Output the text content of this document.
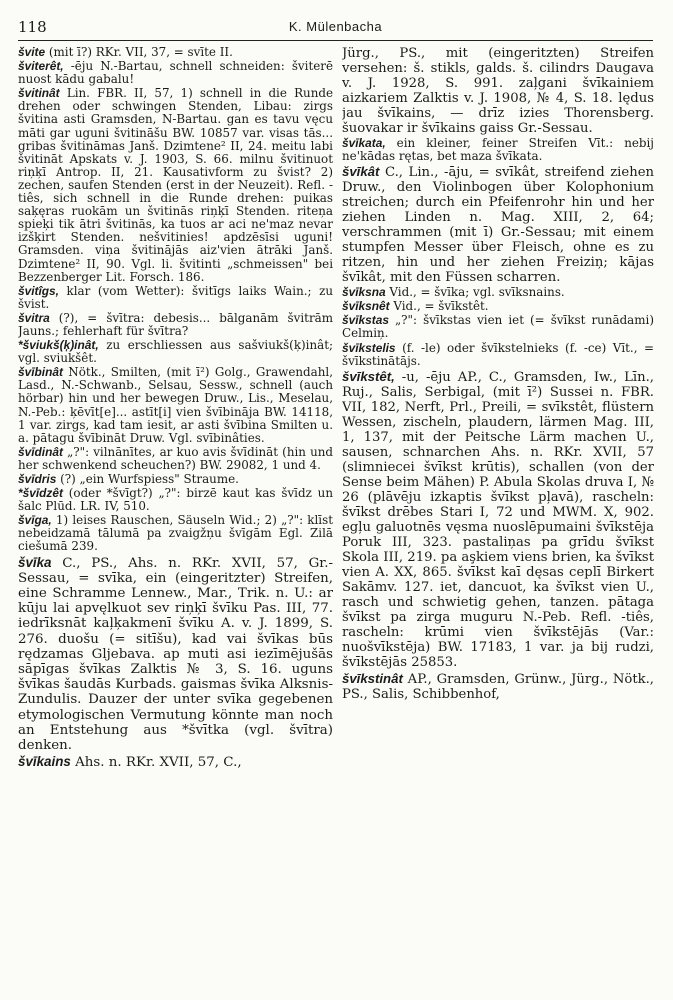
118	K. Mülenbacha

švite (mit ī?) RKr. VII, 37, = svīte II.

šviterêt, -ēju N.-Bartau, schnell schneiden: šviterē nuost kādu gabalu!

švitinât Lin. FBR. II, 57, 1) schnell in die Runde drehen oder schwingen Stenden, Libau: zirgs švitina asti Gramsden, N-Bartau. gan es tavu vęcu māti gar uguni švitināšu BW. 10857 var. visas tās... gribas švitināmas Janš. Dzimtene² II, 24. meitu labi švitināt Apskats v. J. 1903, S. 66. milnu švitinuot riņķī Antrop. II, 21. Kausativform zu švist? 2) zechen, saufen Stenden (erst in der Neuzeit). Refl. -tiês, sich schnell in die Runde drehen: puikas saķęras ruokām un švitinās riņķī Stenden. riteņa spieķi tik ātri švitinās, ka tuos ar aci ne'maz nevar izšķirt Stenden. nešvitinies! apdzēsīsi uguni! Gramsden. viņa švitinājās aiz'vien ātrāki Janš. Dzimtene² II, 90. Vgl. li. švitinti „schmeissen" bei Bezzenberger Lit. Forsch. 186.

švitîgs, klar (vom Wetter): švitīgs laiks Wain.; zu švist.

švitra (?), = švītra: debesis... bālganām švitrām Jauns.; fehlerhaft für švītra?

*šviukš(ķ)inât, zu erschliessen aus sašviukš(ķ)inât; vgl. sviukšêt.

švībinât Nötk., Smilten, (mit ī²) Golg., Grawendahl, Lasd., N.-Schwanb., Selsau, Sessw., schnell (auch hörbar) hin und her bewegen Druw., Lis., Meselau, N.-Peb.: ķēvīt[e]... astīt[i] vien švībināja BW. 14118, 1 var. zirgs, kad tam iesit, ar asti švībina Smilten u. a. pātagu švībināt Druw. Vgl. svībinâties.

švīdinât „?": vilnānītes, ar kuo avis švīdināt (hin und her schwenkend scheuchen?) BW. 29082, 1 und 4.

švīdris (?) „ein Wurfspiess" Straume.

*švīdzêt (oder *švīgt?) „?": birzē kaut kas švīdz un šalc Plūd. LR. IV, 510.

švīga, 1) leises Rauschen, Säuseln Wid.; 2) „?": klīst nebeidzamā tālumā pa zvaigžņu švīgām Egl. Zilā ciešumā 239.

švīka C., PS., Ahs. n. RKr. XVII, 57, Gr.-Sessau, = svīka, ein (eingeritzter) Streifen, eine Schramme Lennew., Mar., Trik. n. U.: ar kūju lai apvęlkuot sev riņķī švīku Pas. III, 77. iedrīksnāt kaļķakmenī švīku A. v. J. 1899, S. 276. duošu (= sitīšu), kad vai švīkas būs rędzamas Gljebava. ap muti asi iezīmējušās sāpīgas švīkas Zalktis № 3, S. 16. uguns švīkas šaudās Kurbads. gaismas švīka Alksnis-Zundulis. Dauzer der unter svīka gegebenen etymologischen Vermutung könnte man noch an Entstehung aus *švītka (vgl. švītra) denken.

švīkains Ahs. n. RKr. XVII, 57, C.,

Jürg., PS., mit (eingeritzten) Streifen versehen: š. stikls, galds. š. cilindrs Daugava v. J. 1928, S. 991. zaļgani švīkainiem aizkariem Zalktis v. J. 1908, № 4, S. 18. lędus jau švīkains, — drīz izies Thorensberg. šuovakar ir švīkains gaiss Gr.-Sessau.

švīkata, ein kleiner, feiner Streifen Vīt.: nebij ne'kādas rętas, bet maza švīkata.

švīkât C., Lin., -āju, = svīkât, streifend ziehen Druw., den Violinbogen über Kolophonium streichen; durch ein Pfeifenrohr hin und her ziehen Linden n. Mag. XIII, 2, 64; verschrammen (mit ī) Gr.-Sessau; mit einem stumpfen Messer über Fleisch, ohne es zu ritzen, hin und her ziehen Freiziņ; kājas švīkât, mit den Füssen scharren.

švīksna Vid., = švīka; vgl. svīksnains.

švīksnêt Vid., = švīkstêt.

švīkstas „?": švīkstas vien iet (= švīkst runādami) Celmiņ.

švīkstelis (f. -le) oder švīkstelnieks (f. -ce) Vīt., = švīkstinātājs.

švīkstêt, -u, -ēju AP., C., Gramsden, Iw., Līn., Ruj., Salis, Serbigal, (mit ī²) Sussei n. FBR. VII, 182, Nerft, Prl., Preili, = svīkstêt, flüstern Wessen, zischeln, plaudern, lärmen Mag. III, 1, 137, mit der Peitsche Lärm machen U., sausen, schnarchen Ahs. n. RKr. XVII, 57 (slimniecei švīkst krūtis), schallen (von der Sense beim Mähen) P. Abula Skolas druva I, № 26 (plāvēju izkaptis švīkst pļavā), rascheln: švīkst drēbes Stari I, 72 und MWM. X, 902. egļu galuotnēs vęsma nuoslēpumaini švīkstēja Poruk III, 323. pastaliņas pa grīdu švīkst Skola III, 219. pa aşkiem viens brien, ka švīkst vien A. XX, 865. švīkst kaī dęsas ceplī Birkert Sakāmv. 127. iet, dancuot, ka švīkst vien U., rasch und schwietig gehen, tanzen. pātaga švīkst pa zirga muguru N.-Peb. Refl. -tiês, rascheln: krūmi vien švīkstējās (Var.: nuošvīkstēja) BW. 17183, 1 var. ja bij rudzi, švīkstējās 25853.

švīkstinât AP., Gramsden, Grünw., Jürg., Nötk., PS., Salis, Schibbenhof,
